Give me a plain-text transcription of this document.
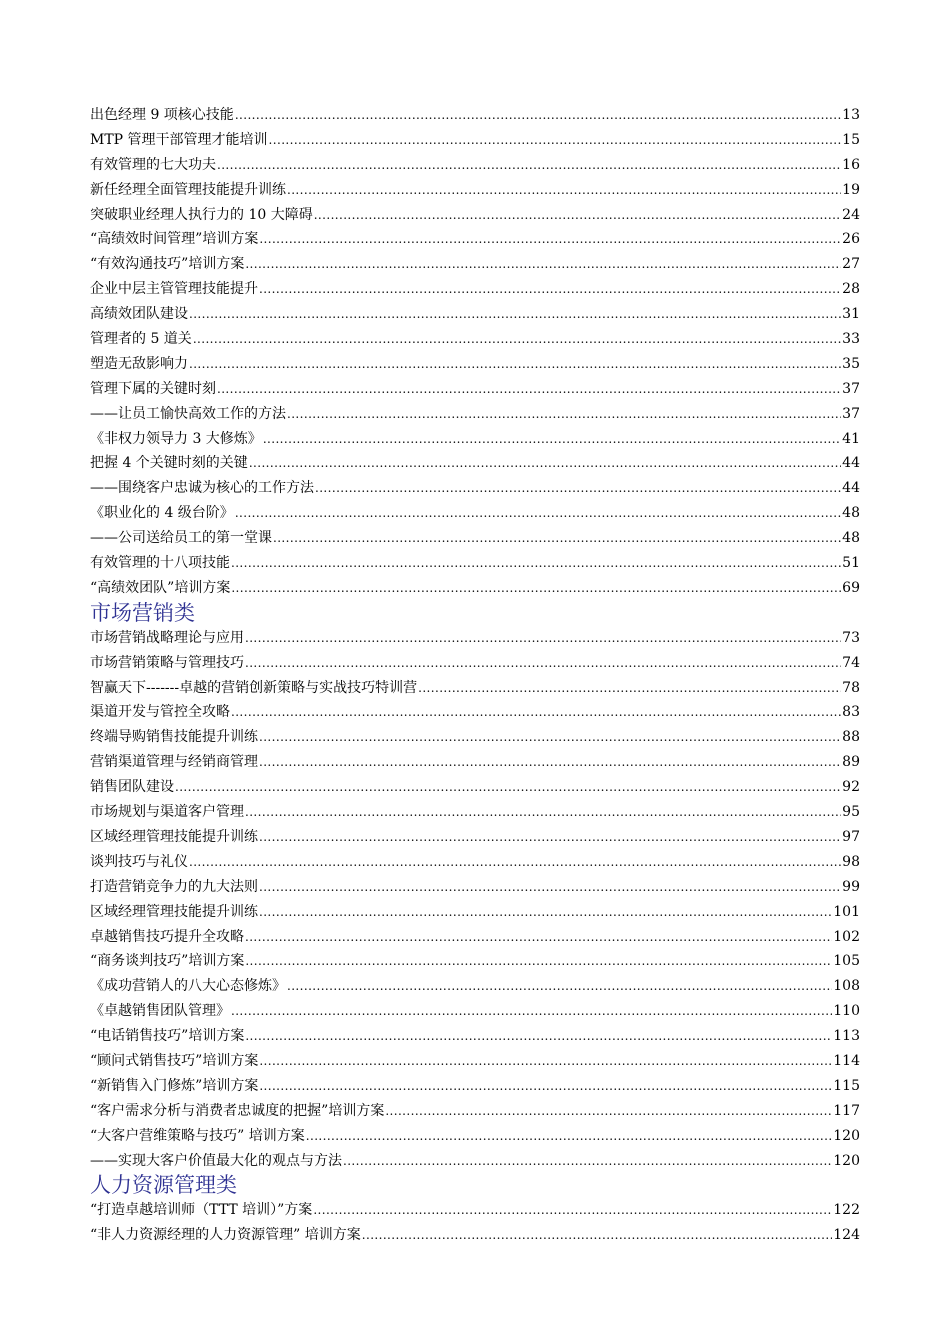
出色经理 9 项核心技能 .....	13
MTP 管理干部管理才能培训 .....	15
有效管理的七大功夫 .....	16
新任经理全面管理技能提升训练 .....	19
突破职业经理人执行力的 10 大障碍 .....	24
“高绩效时间管理”培训方案 .....	26
“有效沟通技巧”培训方案 .....	27
企业中层主管管理技能提升 .....	28
高绩效团队建设 .....	31
管理者的 5 道关 .....	33
塑造无敌影响力 .....	35
管理下属的关键时刻 .....	37
——让员工愉快高效工作的方法 .....	37
《非权力领导力 3 大修炼》 .....	41
把握 4 个关键时刻的关键 .....	44
——围绕客户忠诚为核心的工作方法 .....	44
《职业化的 4 级台阶》 .....	48
——公司送给员工的第一堂课 .....	48
有效管理的十八项技能 .....	51
“高绩效团队”培训方案 .....	69
市场营销类
市场营销战略理论与应用 .....	73
市场营销策略与管理技巧 .....	74
智赢天下-------卓越的营销创新策略与实战技巧特训营 .....	78
渠道开发与管控全攻略 .....	83
终端导购销售技能提升训练 .....	88
营销渠道管理与经销商管理 .....	89
销售团队建设 .....	92
市场规划与渠道客户管理 .....	95
区域经理管理技能提升训练 .....	97
谈判技巧与礼仪 .....	98
打造营销竞争力的九大法则 .....	99
区域经理管理技能提升训练 .....	101
卓越销售技巧提升全攻略 .....	102
“商务谈判技巧”培训方案 .....	105
《成功营销人的八大心态修炼》 .....	108
《卓越销售团队管理》 .....	110
“电话销售技巧”培训方案 .....	113
“顾问式销售技巧”培训方案 .....	114
“新销售入门修炼”培训方案 .....	115
“客户需求分析与消费者忠诚度的把握”培训方案 .....	117
“大客户营维策略与技巧” 培训方案 .....	120
——实现大客户价值最大化的观点与方法 .....	120
人力资源管理类
“打造卓越培训师（TTT 培训）”方案 .....	122
“非人力资源经理的人力资源管理” 培训方案 .....	124
